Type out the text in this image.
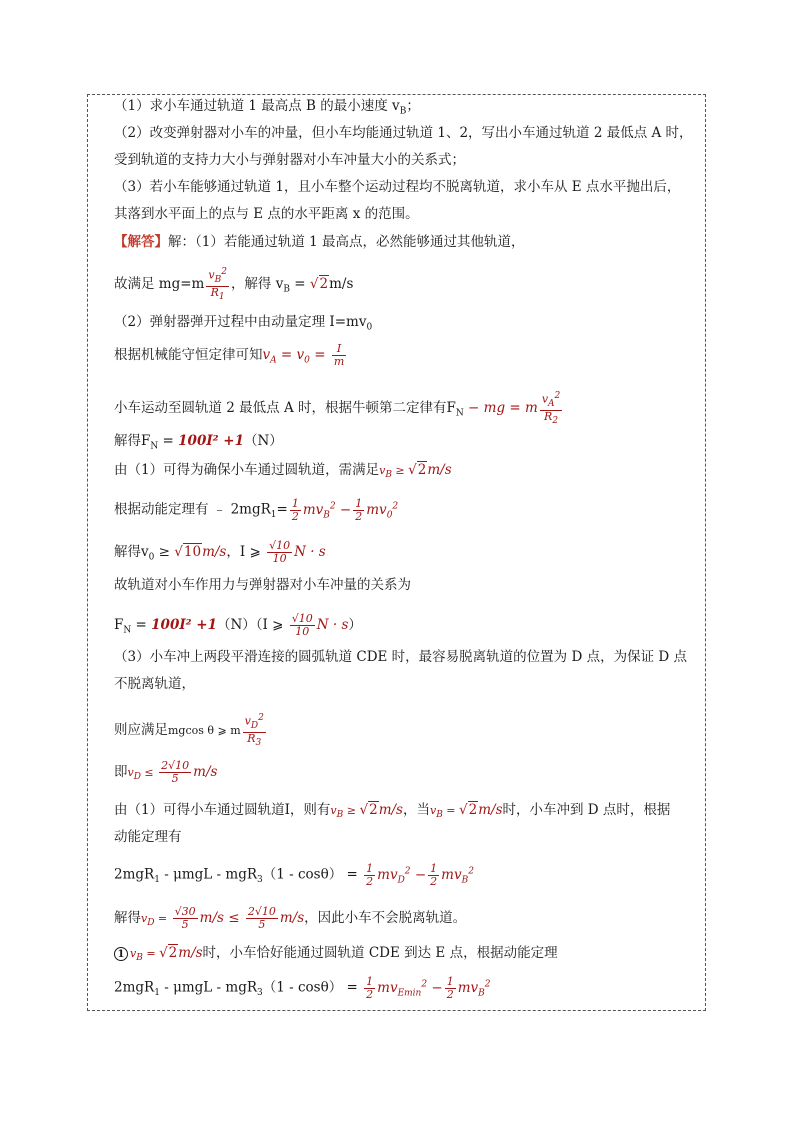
（1）求小车通过轨道 1 最高点 B 的最小速度 $v_B$；
（2）改变弹射器对小车的冲量，但小车均能通过轨道 1、2，写出小车通过轨道 2 最低点 A 时，
受到轨道的支持力大小与弹射器对小车冲量大小的关系式；
（3）若小车能够通过轨道 1，且小车整个运动过程均不脱离轨道，求小车从 E 点水平抛出后，
其落到水平面上的点与 E 点的水平距离 x 的范围。
【解答】解：（1）若能通过轨道 1 最高点，必然能够通过其他轨道，
故满足 $mg=m \frac{v_B^2}{R_1}$ ，解得 $v_B = √2m/s$
（2）弹射器弹开过程中由动量定理 $I=mv_0$
根据机械能守恒定律可知$v_A = v_0 = \frac{I}{m}$
小车运动至圆轨道 2 最低点 A 时，根据牛顿第二定律有$F_N$ − mg = m $\frac{v_A^2}{R_2}$
解得$F_N = 100I^2 +1(N)$
由（1）可得为确保小车通过圆轨道，需满足$v_B \ge √2m/s$
根据动能定理有 ﹣ $2mgR_1= \frac{1}{2} mv_B^2 - \frac{1}{2} mv_0^2$
解得$v_0 \ge √10m/s$，I ⩾ $\frac{√10}{10}$ N · s
故轨道对小车作用力与弹射器对小车冲量的关系为
$F_N = 100I^2 +1(N)(I$ ⩾ $\frac{√10}{10}$ N · s）
（3）小车冲上两段平滑连接的圆弧轨道 CDE 时，最容易脱离轨道的位置为 D 点，为保证 D 点
不脱离轨道，
则应满足mgcos θ ⩾ m $\frac{v_D^2}{R_3}$
即$v_D \le \frac{2√10}{5} m/s$
由（1）可得小车通过圆轨道Ⅰ，则有$v_B \ge √2m/s$，当$v_B = √2m/s$时，小车冲到 D 点时，根据
动能定理有
$2mgR_1 - \mu mgL - mgR_3(1 - \cos\theta) = \frac{1}{2} mv_D^2 - \frac{1}{2} mv_B^2$
解得$v_D = \frac{√30}{5} m/s \le \frac{2√10}{5} m/s$，因此小车不会脱离轨道。
1 $v_B = √2m/s$时，小车恰好能通过圆轨道 CDE 到达 E 点，根据动能定理
$2mgR_1 - \mu mgL - mgR_3(1 - \cos\theta) = \frac{1}{2} mv_{Emin}^2 - \frac{1}{2} mv_B^2$
